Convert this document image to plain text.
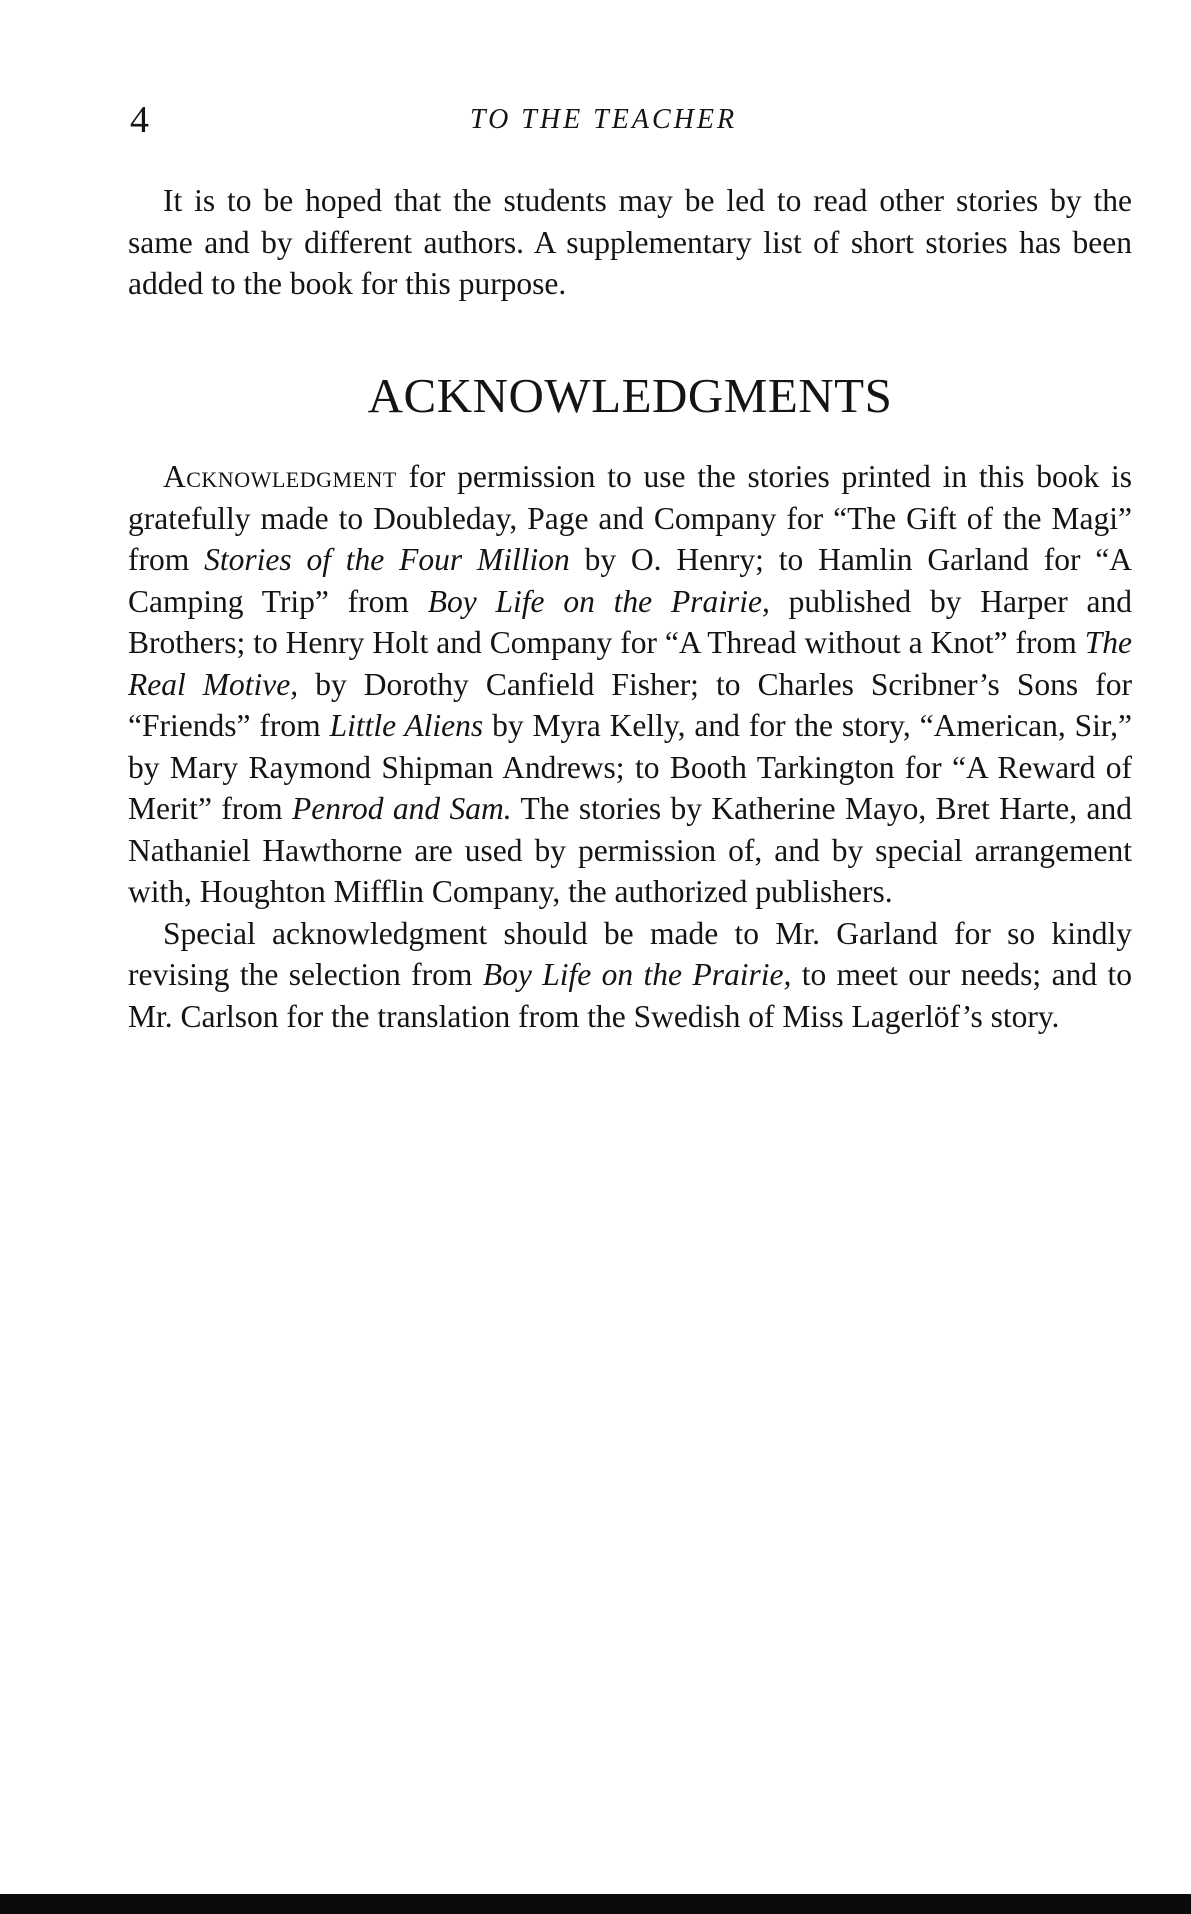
4	TO THE TEACHER

It is to be hoped that the students may be led to read other stories by the same and by different authors. A supplementary list of short stories has been added to the book for this purpose.

ACKNOWLEDGMENTS

Acknowledgment for permission to use the stories printed in this book is gratefully made to Doubleday, Page and Company for “The Gift of the Magi” from Stories of the Four Million by O. Henry; to Hamlin Garland for “A Camping Trip” from Boy Life on the Prairie, published by Harper and Brothers; to Henry Holt and Company for “A Thread without a Knot” from The Real Motive, by Dorothy Canfield Fisher; to Charles Scribner’s Sons for “Friends” from Little Aliens by Myra Kelly, and for the story, “American, Sir,” by Mary Raymond Shipman Andrews; to Booth Tarkington for “A Reward of Merit” from Penrod and Sam. The stories by Katherine Mayo, Bret Harte, and Nathaniel Hawthorne are used by permission of, and by special arrangement with, Houghton Mifflin Company, the authorized publishers.

Special acknowledgment should be made to Mr. Garland for so kindly revising the selection from Boy Life on the Prairie, to meet our needs; and to Mr. Carlson for the translation from the Swedish of Miss Lagerlöf’s story.
